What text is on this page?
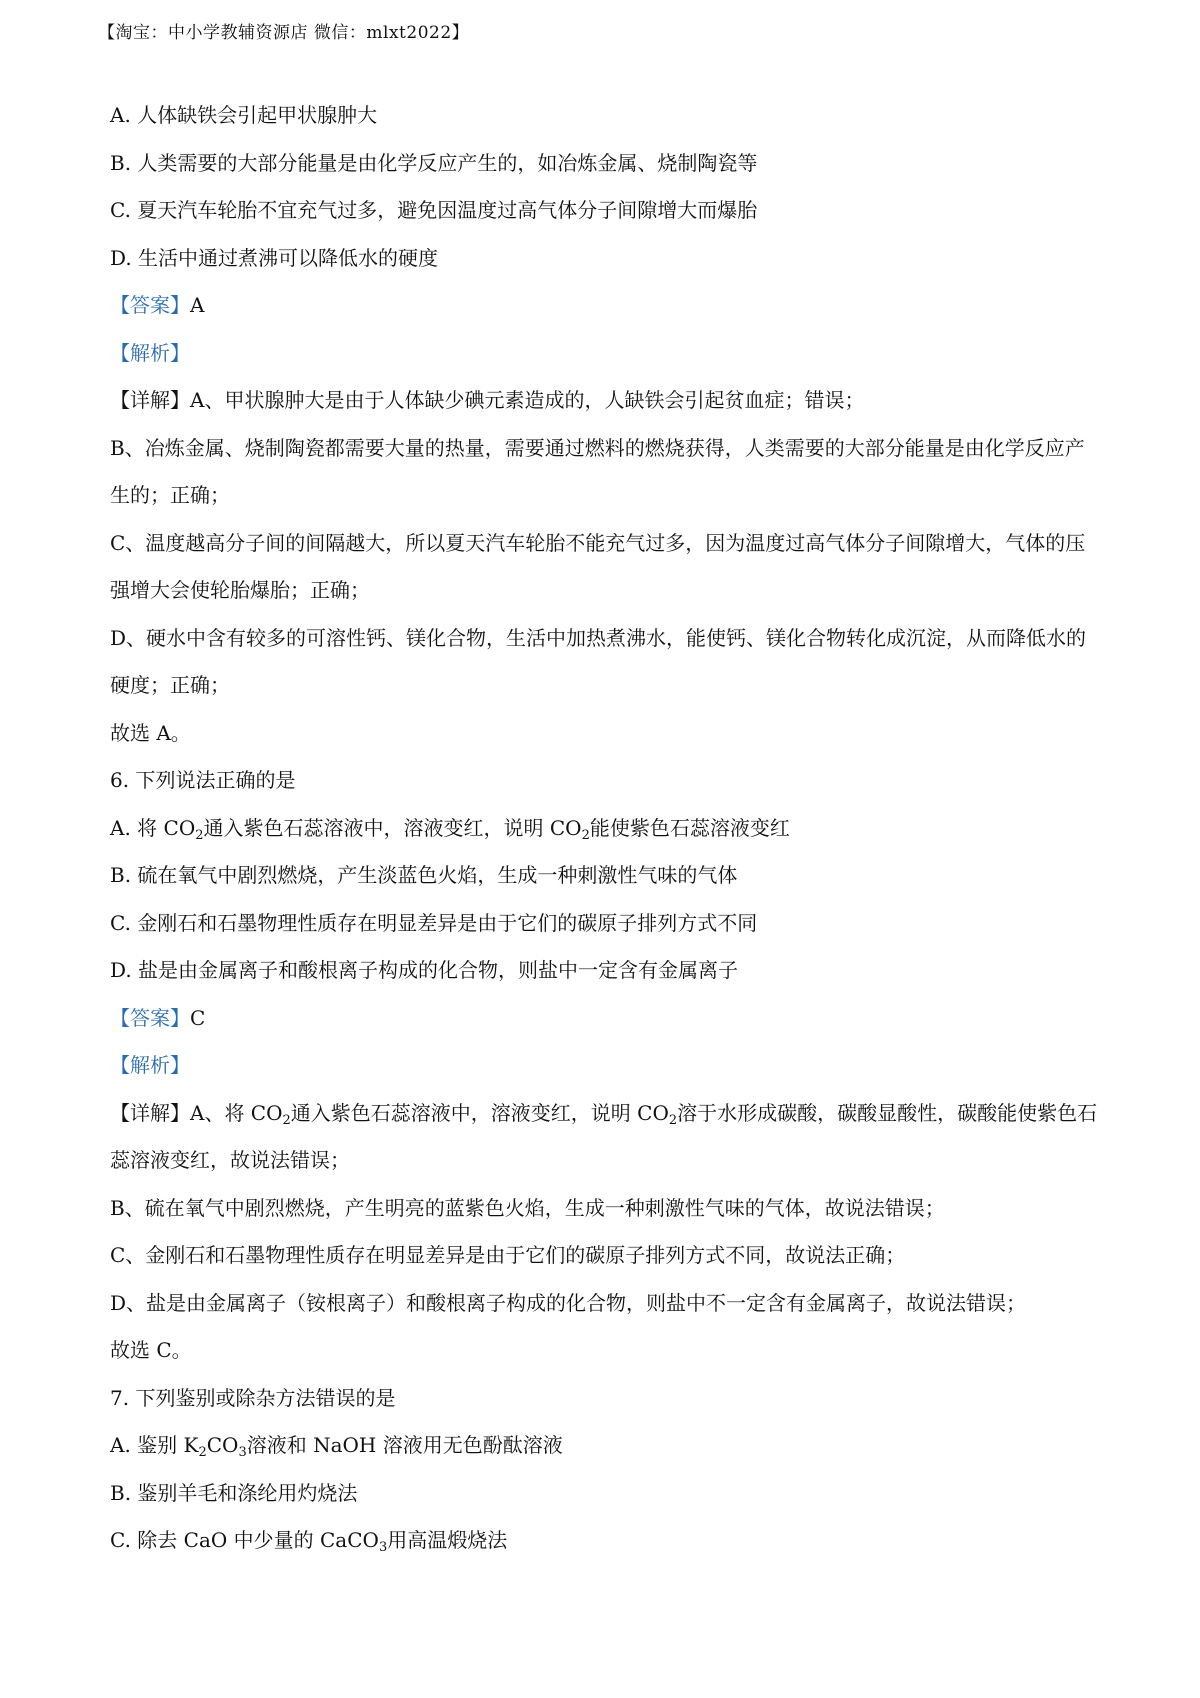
【淘宝：中小学教辅资源店 微信：mlxt2022】
A. 人体缺铁会引起甲状腺肿大
B. 人类需要的大部分能量是由化学反应产生的，如冶炼金属、烧制陶瓷等
C. 夏天汽车轮胎不宜充气过多，避免因温度过高气体分子间隙增大而爆胎
D. 生活中通过煮沸可以降低水的硬度
【答案】A
【解析】
【详解】A、甲状腺肿大是由于人体缺少碘元素造成的，人缺铁会引起贫血症；错误；
B、冶炼金属、烧制陶瓷都需要大量的热量，需要通过燃料的燃烧获得，人类需要的大部分能量是由化学反应产生的；正确；
C、温度越高分子间的间隔越大，所以夏天汽车轮胎不能充气过多，因为温度过高气体分子间隙增大，气体的压强增大会使轮胎爆胎；正确；
D、硬水中含有较多的可溶性钙、镁化合物，生活中加热煮沸水，能使钙、镁化合物转化成沉淀，从而降低水的硬度；正确；
故选 A。
6. 下列说法正确的是
A. 将 $CO_2$通入紫色石蕊溶液中，溶液变红，说明 $CO_2$能使紫色石蕊溶液变红
B. 硫在氧气中剧烈燃烧，产生淡蓝色火焰，生成一种刺激性气味的气体
C. 金刚石和石墨物理性质存在明显差异是由于它们的碳原子排列方式不同
D. 盐是由金属离子和酸根离子构成的化合物，则盐中一定含有金属离子
【答案】C
【解析】
【详解】A、将 $CO_2$通入紫色石蕊溶液中，溶液变红，说明 $CO_2$溶于水形成碳酸，碳酸显酸性，碳酸能使紫色石蕊溶液变红，故说法错误；
B、硫在氧气中剧烈燃烧，产生明亮的蓝紫色火焰，生成一种刺激性气味的气体，故说法错误；
C、金刚石和石墨物理性质存在明显差异是由于它们的碳原子排列方式不同，故说法正确；
D、盐是由金属离子（铵根离子）和酸根离子构成的化合物，则盐中不一定含有金属离子，故说法错误；
故选 C。
7. 下列鉴别或除杂方法错误的是
A. 鉴别 $K_2CO_3$溶液和 NaOH 溶液用无色酚酞溶液
B. 鉴别羊毛和涤纶用灼烧法
C. 除去 CaO 中少量的 CaCO$_3$用高温煅烧法
